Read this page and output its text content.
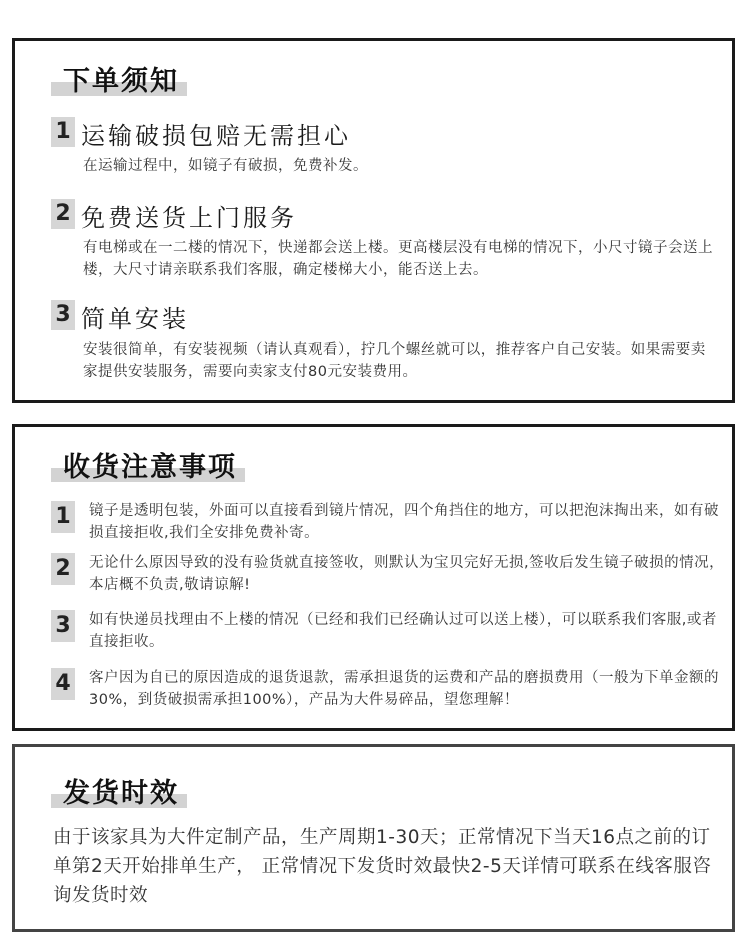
下单须知
1 运输破损包赔无需担心
在运输过程中，如镜子有破损，免费补发。
2 免费送货上门服务
有电梯或在一二楼的情况下，快递都会送上楼。更高楼层没有电梯的情况下，小尺寸镜子会送上楼，大尺寸请亲联系我们客服，确定楼梯大小，能否送上去。
3 简单安装
安装很简单，有安装视频（请认真观看），拧几个螺丝就可以，推荐客户自己安装。如果需要卖家提供安装服务，需要向卖家支付80元安装费用。
收货注意事项
1 镜子是透明包装，外面可以直接看到镜片情况，四个角挡住的地方，可以把泡沫掏出来，如有破损直接拒收,我们全安排免费补寄。
2 无论什么原因导致的没有验货就直接签收，则默认为宝贝完好无损,签收后发生镜子破损的情况，本店概不负责,敬请谅解!
3 如有快递员找理由不上楼的情况（已经和我们已经确认过可以送上楼），可以联系我们客服,或者直接拒收。
4 客户因为自已的原因造成的退货退款，需承担退货的运费和产品的磨损费用（一般为下单金额的30%，到货破损需承担100%），产品为大件易碎品，望您理解！
发货时效
由于该家具为大件定制产品，生产周期1-30天；正常情况下当天16点之前的订单第2天开始排单生产， 正常情况下发货时效最快2-5天详情可联系在线客服咨询发货时效
